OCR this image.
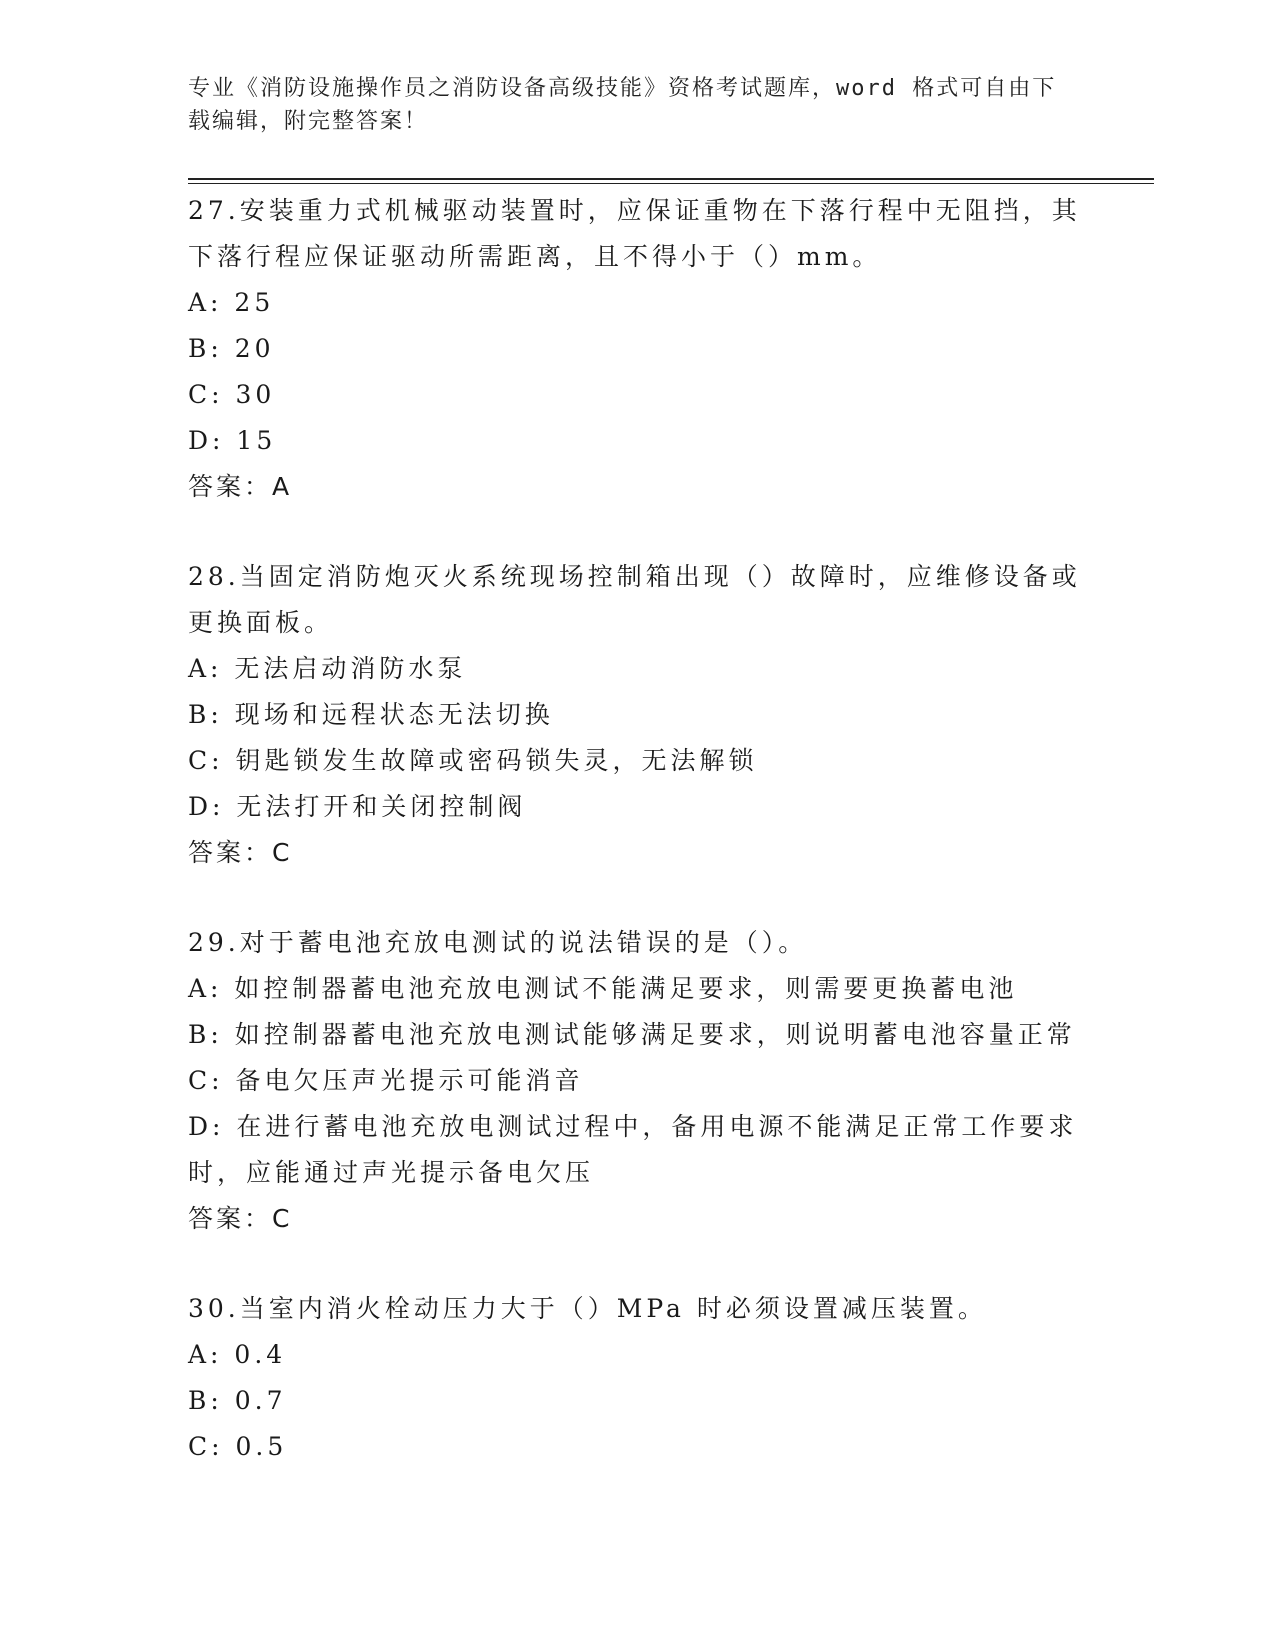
专业《消防设施操作员之消防设备高级技能》资格考试题库，word 格式可自由下载编辑，附完整答案！

27.安装重力式机械驱动装置时，应保证重物在下落行程中无阻挡，其

下落行程应保证驱动所需距离，且不得小于（）mm。

A: 25

B: 20

C: 30

D: 15

答案：A

28.当固定消防炮灭火系统现场控制箱出现（）故障时，应维修设备或

更换面板。

A: 无法启动消防水泵

B: 现场和远程状态无法切换

C: 钥匙锁发生故障或密码锁失灵，无法解锁

D: 无法打开和关闭控制阀

答案：C

29.对于蓄电池充放电测试的说法错误的是（）。

A: 如控制器蓄电池充放电测试不能满足要求，则需要更换蓄电池

B: 如控制器蓄电池充放电测试能够满足要求，则说明蓄电池容量正常

C: 备电欠压声光提示可能消音

D: 在进行蓄电池充放电测试过程中，备用电源不能满足正常工作要求

时，应能通过声光提示备电欠压

答案：C

30.当室内消火栓动压力大于（）MPa 时必须设置减压装置。

A: 0.4

B: 0.7

C: 0.5
